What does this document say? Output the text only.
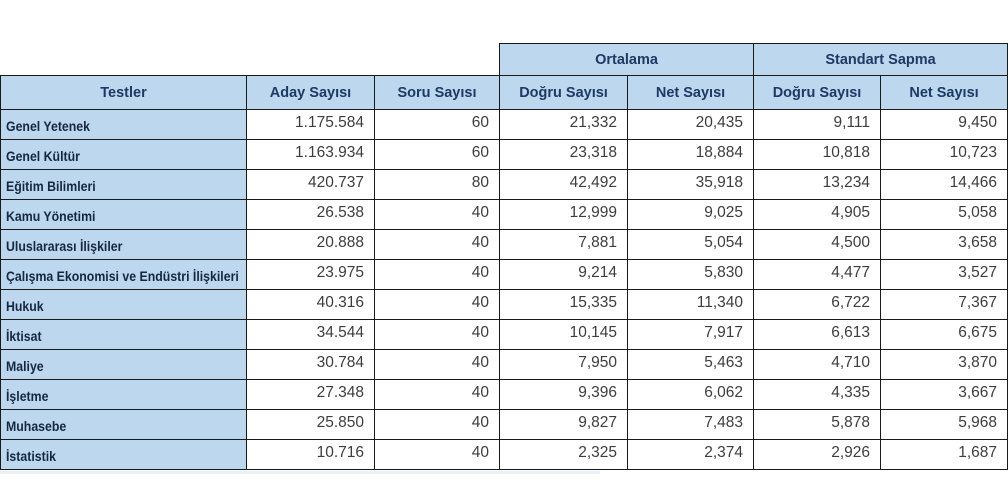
			Ortalama		Standart Sapma	
Testler	Aday Sayısı	Soru Sayısı	Doğru Sayısı	Net Sayısı	Doğru Sayısı	Net Sayısı
Genel Yetenek	1.175.584	60	21,332	20,435	9,111	9,450
Genel Kültür	1.163.934	60	23,318	18,884	10,818	10,723
Eğitim Bilimleri	420.737	80	42,492	35,918	13,234	14,466
Kamu Yönetimi	26.538	40	12,999	9,025	4,905	5,058
Uluslararası İlişkiler	20.888	40	7,881	5,054	4,500	3,658
Çalışma Ekonomisi ve Endüstri İlişkileri	23.975	40	9,214	5,830	4,477	3,527
Hukuk	40.316	40	15,335	11,340	6,722	7,367
İktisat	34.544	40	10,145	7,917	6,613	6,675
Maliye	30.784	40	7,950	5,463	4,710	3,870
İşletme	27.348	40	9,396	6,062	4,335	3,667
Muhasebe	25.850	40	9,827	7,483	5,878	5,968
İstatistik	10.716	40	2,325	2,374	2,926	1,687
